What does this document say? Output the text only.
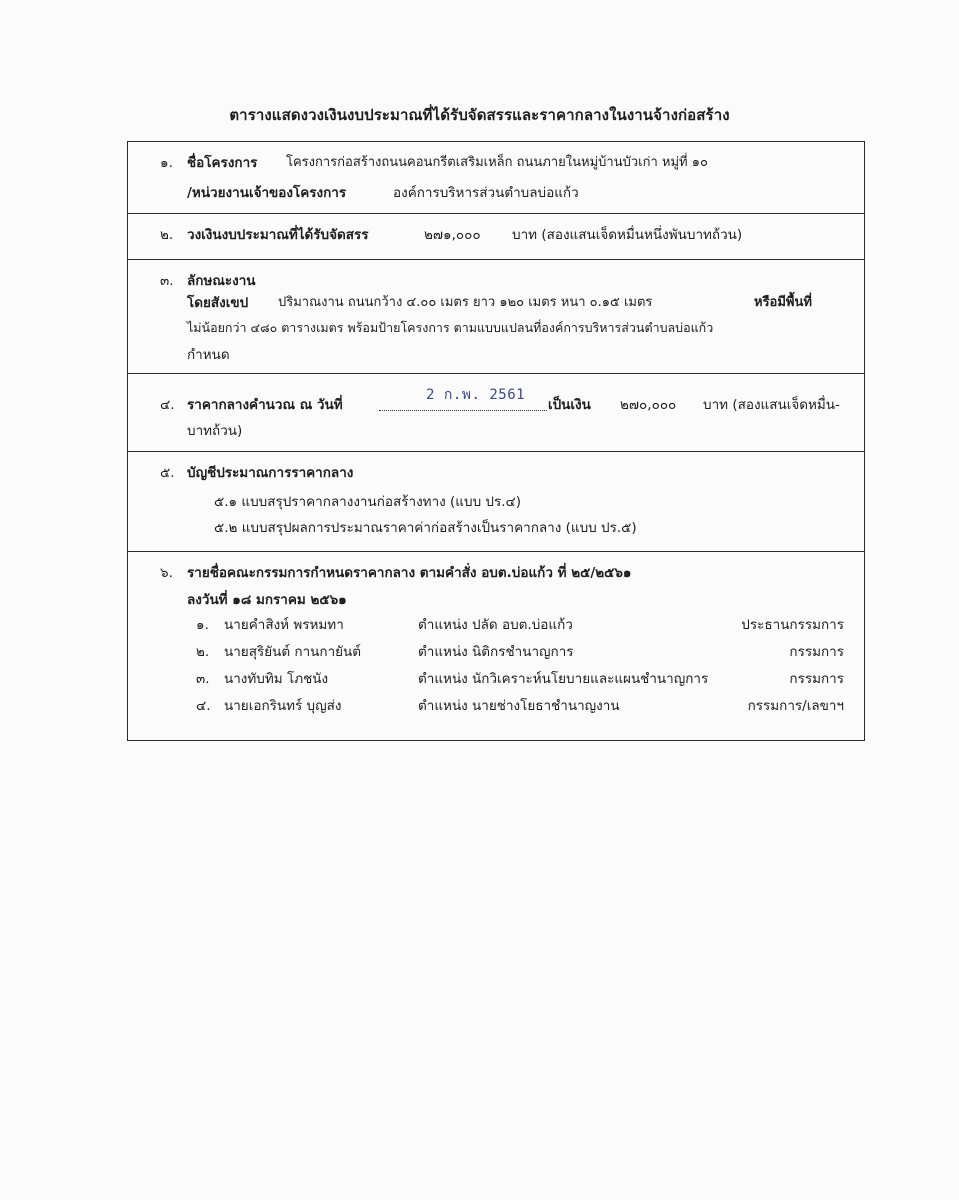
ตารางแสดงวงเงินงบประมาณที่ได้รับจัดสรรและราคากลางในงานจ้างก่อสร้าง
๑. ชื่อโครงการ โครงการก่อสร้างถนนคอนกรีตเสริมเหล็ก ถนนภายในหมู่บ้านบัวเก่า หมู่ที่ ๑๐
/หน่วยงานเจ้าของโครงการ	องค์การบริหารส่วนตำบลบ่อแก้ว
๒. วงเงินงบประมาณที่ได้รับจัดสรร	๒๗๑,๐๐๐ บาท (สองแสนเจ็ดหมื่นหนึ่งพันบาทถ้วน)
๓. ลักษณะงาน
โดยสังเขป ปริมาณงาน ถนนกว้าง ๔.๐๐ เมตร ยาว ๑๒๐ เมตร หนา ๐.๑๕ เมตร	หรือมีพื้นที่
ไม่น้อยกว่า ๔๘๐ ตารางเมตร พร้อมป้ายโครงการ ตามแบบแปลนที่องค์การบริหารส่วนตำบลบ่อแก้ว
กำหนด
๔. ราคากลางคำนวณ ณ วันที่
2 ก.พ. 2561
เป็นเงิน ๒๗๐,๐๐๐ บาท (สองแสนเจ็ดหมื่น-
บาทถ้วน)
๕. บัญชีประมาณการราคากลาง
๕.๑ แบบสรุปราคากลางงานก่อสร้างทาง (แบบ ปร.๔)
๕.๒ แบบสรุปผลการประมาณราคาค่าก่อสร้างเป็นราคากลาง (แบบ ปร.๕)
๖. รายชื่อคณะกรรมการกำหนดราคากลาง ตามคำสั่ง อบต.บ่อแก้ว ที่ ๒๕/๒๕๖๑
ลงวันที่ ๑๘ มกราคม ๒๕๖๑
๑. นายคำสิงห์ พรหมทา	ตำแหน่ง ปลัด อบต.บ่อแก้ว	ประธานกรรมการ
๒. นายสุริยันต์ กานกายันต์	ตำแหน่ง นิติกรชำนาญการ	กรรมการ
๓. นางทับทิม โภชนัง	ตำแหน่ง นักวิเคราะห์นโยบายและแผนชำนาญการ	กรรมการ
๔. นายเอกรินทร์ บุญส่ง	ตำแหน่ง นายช่างโยธาชำนาญงาน	กรรมการ/เลขาฯ
